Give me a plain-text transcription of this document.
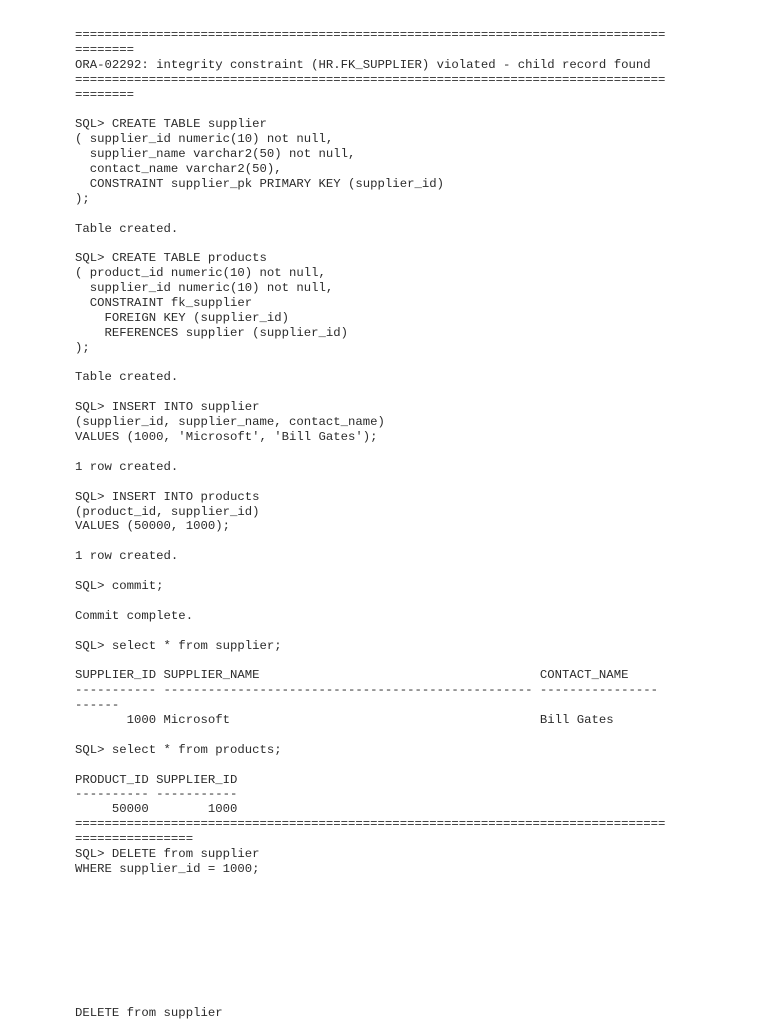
================================================================================
========
ORA-02292: integrity constraint (HR.FK_SUPPLIER) violated - child record found
================================================================================
========
SQL> CREATE TABLE supplier
( supplier_id numeric(10) not null,
supplier_name varchar2(50) not null,
contact_name varchar2(50),
CONSTRAINT supplier_pk PRIMARY KEY (supplier_id)
);
Table created.
SQL> CREATE TABLE products
( product_id numeric(10) not null,
supplier_id numeric(10) not null,
CONSTRAINT fk_supplier
FOREIGN KEY (supplier_id)
REFERENCES supplier (supplier_id)
);
Table created.
SQL> INSERT INTO supplier
(supplier_id, supplier_name, contact_name)
VALUES (1000, 'Microsoft', 'Bill Gates');
1 row created.
SQL> INSERT INTO products
(product_id, supplier_id)
VALUES (50000, 1000);
1 row created.
SQL> commit;
Commit complete.
SQL> select * from supplier;
SUPPLIER_ID SUPPLIER_NAME                                      CONTACT_NAME
----------- -------------------------------------------------- ----------------
------
1000 Microsoft                                          Bill Gates
SQL> select * from products;
PRODUCT_ID SUPPLIER_ID
---------- -----------
50000        1000
================================================================================
================
SQL> DELETE from supplier
WHERE supplier_id = 1000;
DELETE from supplier
